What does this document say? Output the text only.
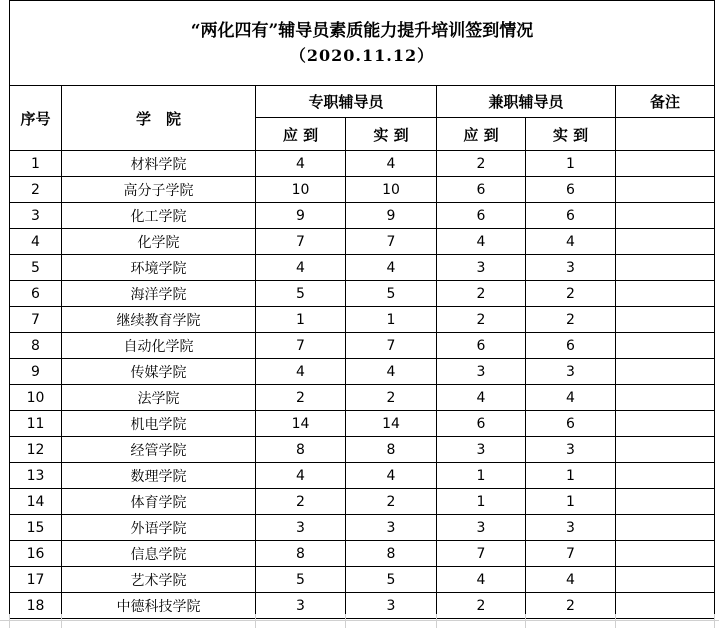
“两化四有”辅导员素质能力提升培训签到情况
（2020.11.12）						

序号	学　院	专职辅导员		兼职辅导员		备注
		应 到	实 到	应 到	实 到	
1	材料学院	4	4	2	1	
2	高分子学院	10	10	6	6	
3	化工学院	9	9	6	6	
4	化学院	7	7	4	4	
5	环境学院	4	4	3	3	
6	海洋学院	5	5	2	2	
7	继续教育学院	1	1	2	2	
8	自动化学院	7	7	6	6	
9	传媒学院	4	4	3	3	
10	法学院	2	2	4	4	
11	机电学院	14	14	6	6	
12	经管学院	8	8	3	3	
13	数理学院	4	4	1	1	
14	体育学院	2	2	1	1	
15	外语学院	3	3	3	3	
16	信息学院	8	8	7	7	
17	艺术学院	5	5	4	4	
18	中德科技学院	3	3	2	2	
